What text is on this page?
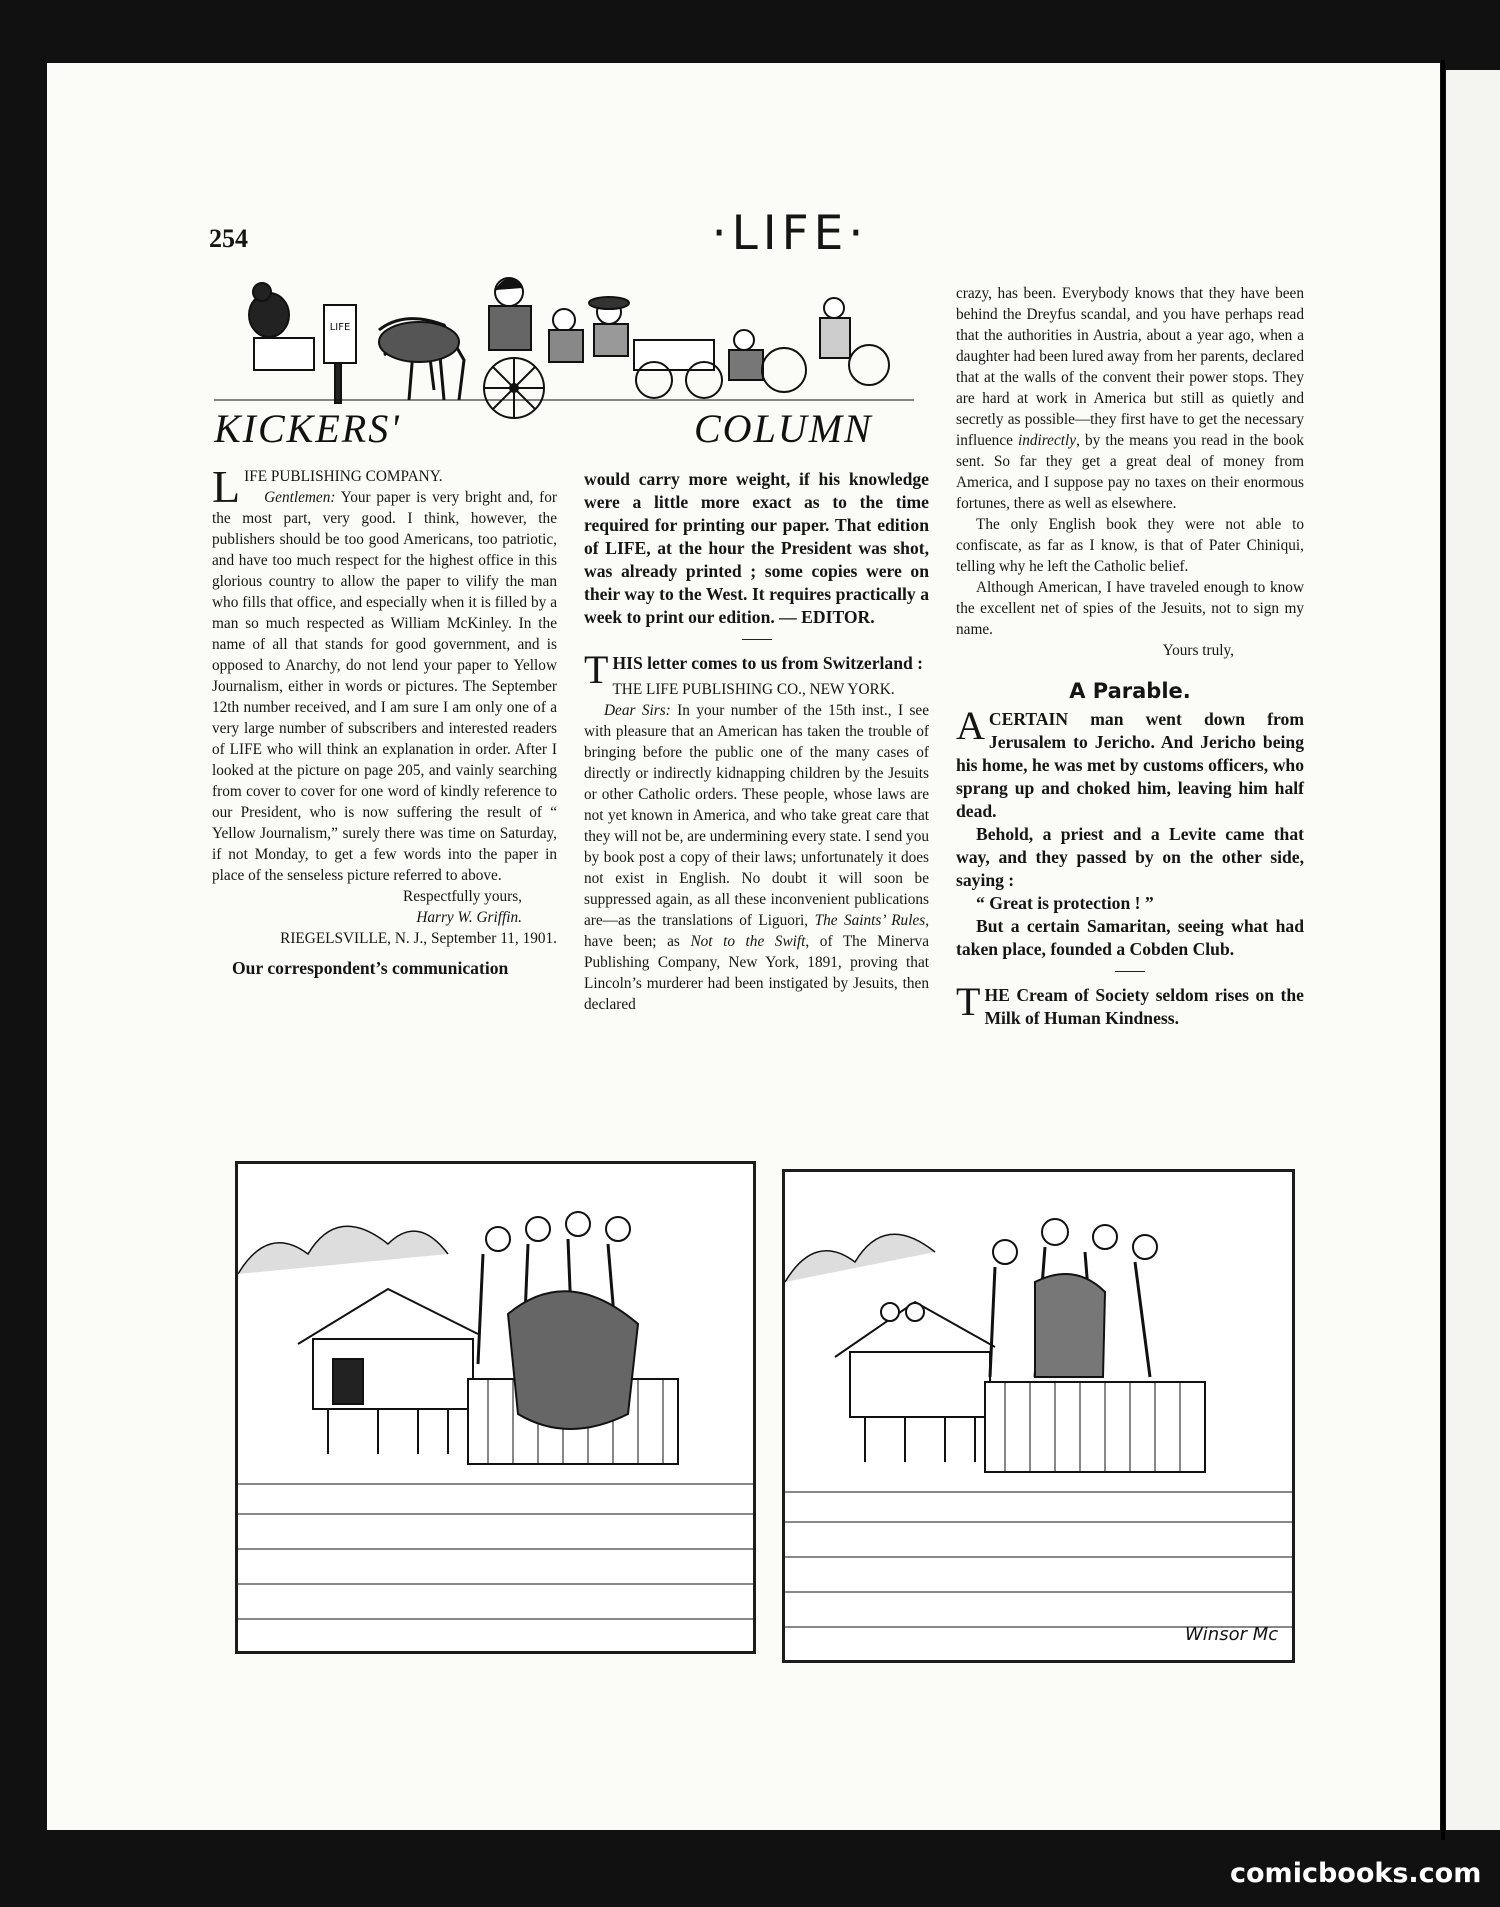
254	·LIFE·
LIFE
KICKERS'	COLUMN

LIFE PUBLISHING COMPANY.

Gentlemen: Your paper is very bright and, for the most part, very good. I think, however, the publishers should be too good Americans, too patriotic, and have too much respect for the highest office in this glorious country to allow the paper to vilify the man who fills that office, and especially when it is filled by a man so much respected as William McKinley. In the name of all that stands for good government, and is opposed to Anarchy, do not lend your paper to Yellow Journalism, either in words or pictures. The September 12th number received, and I am sure I am only one of a very large number of subscribers and interested readers of LIFE who will think an explanation in order. After I looked at the picture on page 205, and vainly searching from cover to cover for one word of kindly reference to our President, who is now suffering the result of “ Yellow Journalism,” surely there was time on Saturday, if not Monday, to get a few words into the paper in place of the senseless picture referred to above.

Respectfully yours,

Harry W. Griffin.

RIEGELSVILLE, N. J., September 11, 1901.

Our correspondent’s communication

would carry more weight, if his knowledge were a little more exact as to the time required for printing our paper. That edition of LIFE, at the hour the President was shot, was already printed ; some copies were on their way to the West. It requires practically a week to print our edition. — EDITOR.

THIS letter comes to us from Switzerland :

THE LIFE PUBLISHING CO., NEW YORK.

Dear Sirs: In your number of the 15th inst., I see with pleasure that an American has taken the trouble of bringing before the public one of the many cases of directly or indirectly kidnapping children by the Jesuits or other Catholic orders. These people, whose laws are not yet known in America, and who take great care that they will not be, are undermining every state. I send you by book post a copy of their laws; unfortunately it does not exist in English. No doubt it will soon be suppressed again, as all these inconvenient publications are—as the translations of Liguori, The Saints’ Rules, have been; as Not to the Swift, of The Minerva Publishing Company, New York, 1891, proving that Lincoln’s murderer had been instigated by Jesuits, then declared

crazy, has been. Everybody knows that they have been behind the Dreyfus scandal, and you have perhaps read that the authorities in Austria, about a year ago, when a daughter had been lured away from her parents, declared that at the walls of the convent their power stops. They are hard at work in America but still as quietly and secretly as possible—they first have to get the necessary influence indirectly, by the means you read in the book sent. So far they get a great deal of money from America, and I suppose pay no taxes on their enormous fortunes, there as well as elsewhere.

The only English book they were not able to confiscate, as far as I know, is that of Pater Chiniqui, telling why he left the Catholic belief.

Although American, I have traveled enough to know the excellent net of spies of the Jesuits, not to sign my name.

Yours truly,

A Parable.

ACERTAIN man went down from Jerusalem to Jericho. And Jericho being his home, he was met by customs officers, who sprang up and choked him, leaving him half dead.

Behold, a priest and a Levite came that way, and they passed by on the other side, saying :

“ Great is protection ! ”

But a certain Samaritan, seeing what had taken place, founded a Cobden Club.

THE Cream of Society seldom rises on the Milk of Human Kindness.

Winsor Mc
comicbooks.com
